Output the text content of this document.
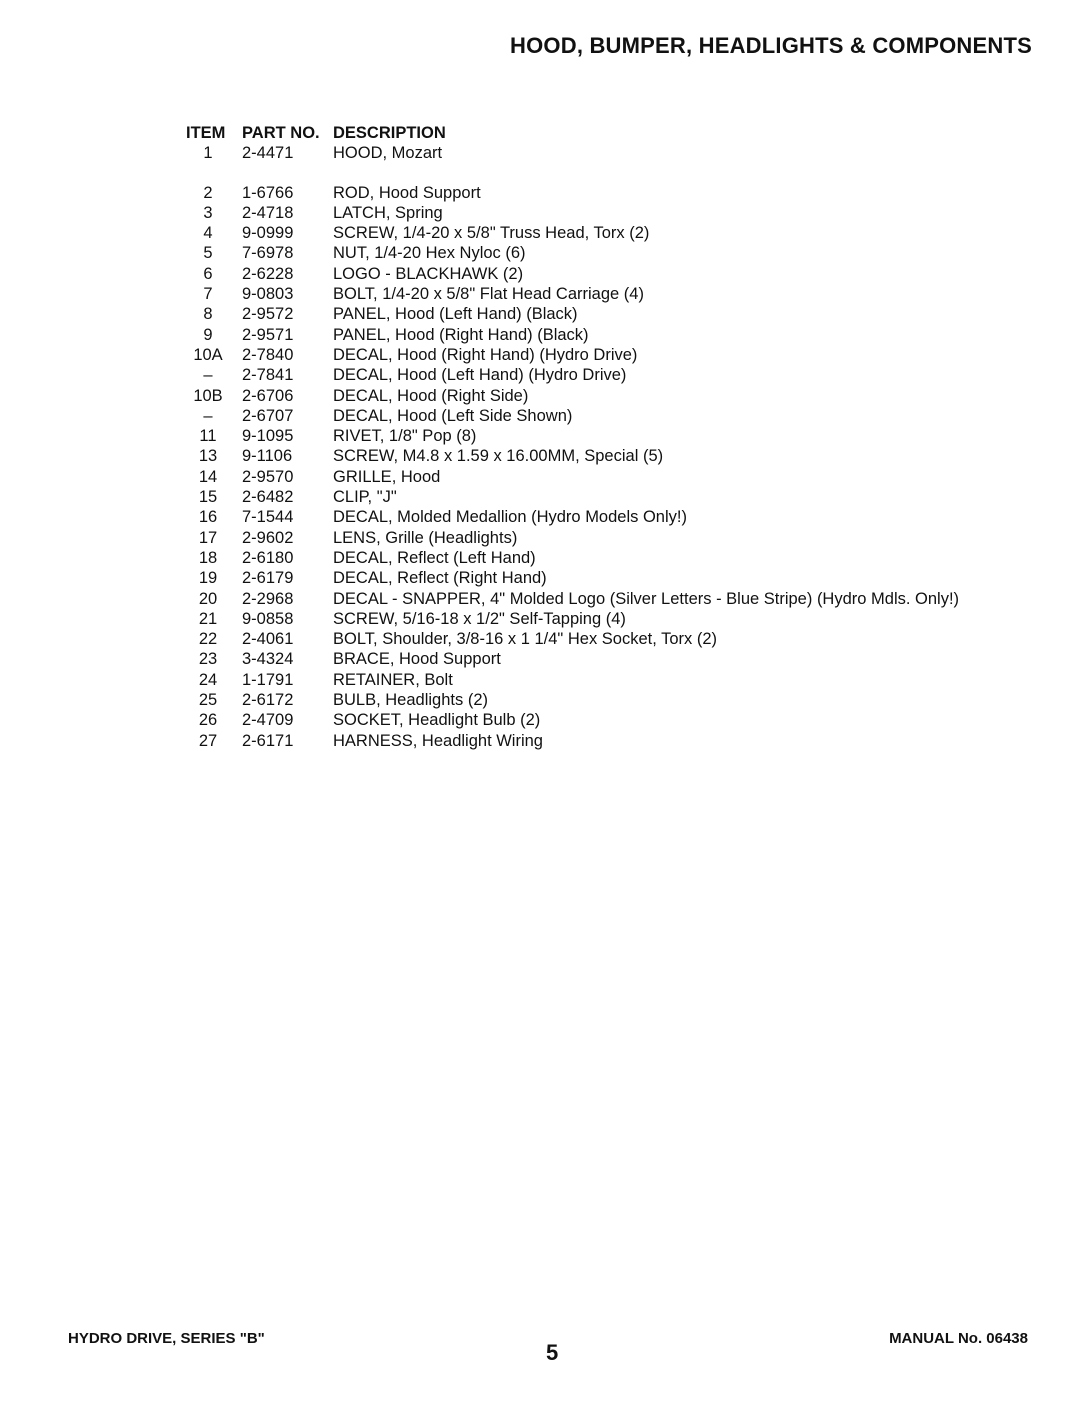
HOOD, BUMPER, HEADLIGHTS & COMPONENTS
ITEM PART NO. DESCRIPTION
1	2-4471 HOOD, Mozart
2	1-6766 ROD, Hood Support
3	2-4718 LATCH, Spring
4	9-0999 SCREW, 1/4-20 x 5/8" Truss Head, Torx (2)
5	7-6978 NUT, 1/4-20 Hex Nyloc (6)
6	2-6228 LOGO - BLACKHAWK (2)
7	9-0803 BOLT, 1/4-20 x 5/8" Flat Head Carriage (4)
8	2-9572 PANEL, Hood (Left Hand) (Black)
9	2-9571 PANEL, Hood (Right Hand) (Black)
10A	2-7840 DECAL, Hood (Right Hand) (Hydro Drive)
–	2-7841 DECAL, Hood (Left Hand) (Hydro Drive)
10B	2-6706 DECAL, Hood (Right Side)
–	2-6707 DECAL, Hood (Left Side Shown)
11	9-1095 RIVET, 1/8" Pop (8)
13	9-1106 SCREW, M4.8 x 1.59 x 16.00MM, Special (5)
14	2-9570 GRILLE, Hood
15	2-6482 CLIP, "J"
16	7-1544 DECAL, Molded Medallion (Hydro Models Only!)
17	2-9602 LENS, Grille (Headlights)
18	2-6180 DECAL, Reflect (Left Hand)
19	2-6179 DECAL, Reflect (Right Hand)
20	2-2968 DECAL - SNAPPER, 4" Molded Logo (Silver Letters - Blue Stripe) (Hydro Mdls. Only!)
21	9-0858 SCREW, 5/16-18 x 1/2" Self-Tapping (4)
22	2-4061 BOLT, Shoulder, 3/8-16 x 1 1/4" Hex Socket, Torx (2)
23	3-4324 BRACE, Hood Support
24	1-1791 RETAINER, Bolt
25	2-6172 BULB, Headlights (2)
26	2-4709 SOCKET, Headlight Bulb (2)
27	2-6171 HARNESS, Headlight Wiring
HYDRO DRIVE, SERIES "B"
5
MANUAL No. 06438
